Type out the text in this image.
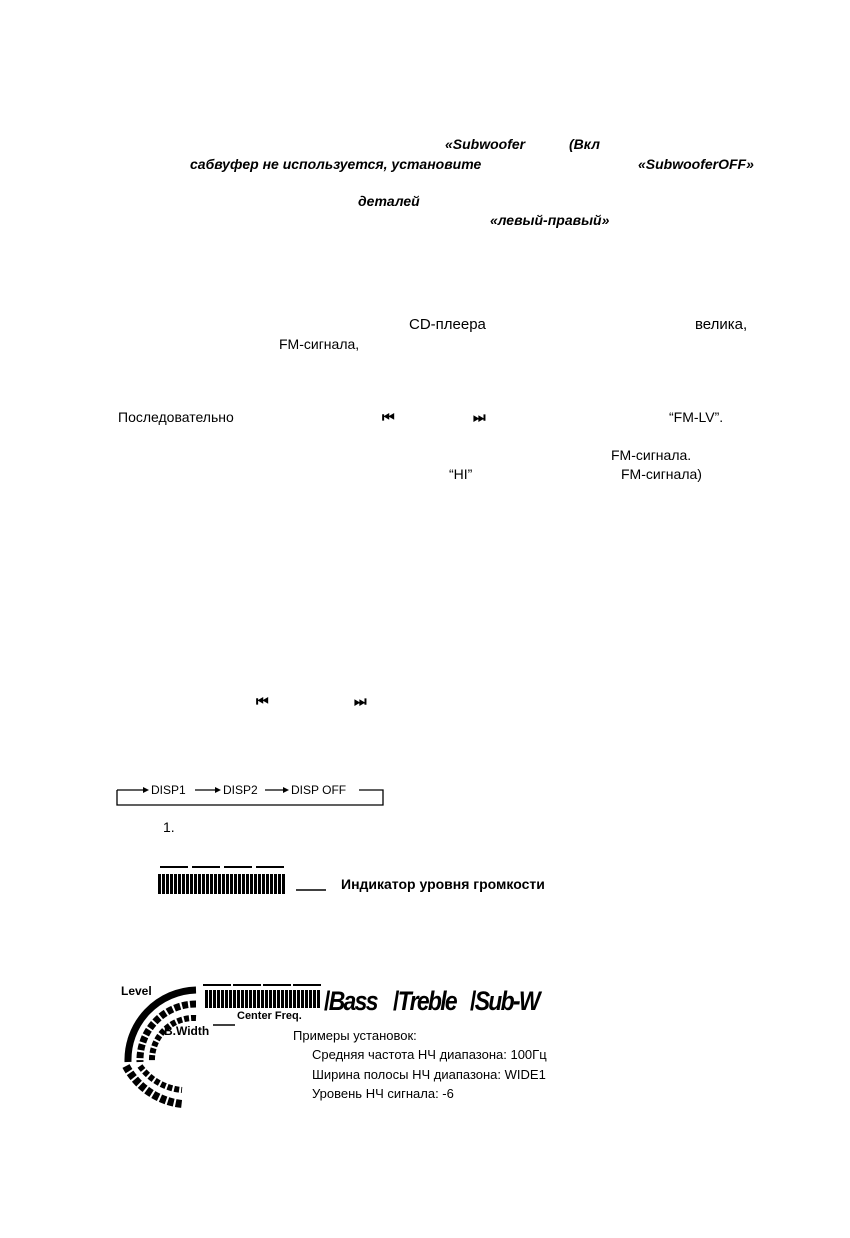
«Subwoofer	(Вкл
сабвуфер не используется, установите	«SubwooferOFF»
деталей
«левый-правый»
CD-плеера	велика,
FM-сигнала,
Последовательно	⏮	⏭	“FM-LV”.
FM-сигнала.
“HI”	FM-сигнала)
⏮	⏭
DISP1	DISP2	DISP OFF
1.
Индикатор уровня громкости
Level
B.Width
Center Freq. /Bass /Treble /Sub-W
Примеры установок:
Средняя частота НЧ диапазона: 100Гц
Ширина полосы НЧ диапазона: WIDE1
Уровень НЧ сигнала: -6
